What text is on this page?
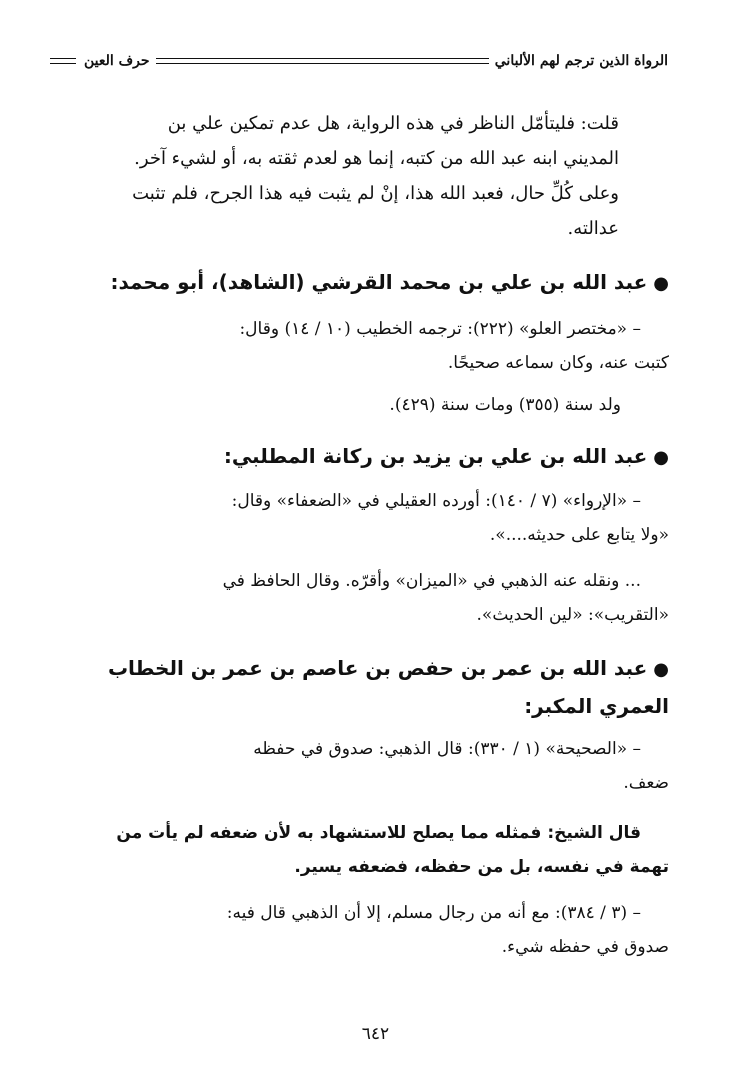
الرواة الذين ترجم لهم الألباني
حرف العين

قلت: فليتأمّل الناظر في هذه الرواية، هل عدم تمكين علي بن

المديني ابنه عبد الله من كتبه، إنما هو لعدم ثقته به، أو لشيء آخر.

وعلى كُلِّ حال، فعبد الله هذا، إنْ لم يثبت فيه هذا الجرح، فلم تثبت

عدالته.

●عبد الله بن علي بن محمد القرشي (الشاهد)، أبو محمد:

– «مختصر العلو» (٢٢٢): ترجمه الخطيب (١٠ / ١٤) وقال:

كتبت عنه، وكان سماعه صحيحًا.

ولد سنة (٣٥٥) ومات سنة (٤٢٩).

●عبد الله بن علي بن يزيد بن ركانة المطلبي:

– «الإرواء» (٧ / ١٤٠): أورده العقيلي في «الضعفاء» وقال:

«ولا يتابع على حديثه....».

... ونقله عنه الذهبي في «الميزان» وأقرّه. وقال الحافظ في

«التقريب»: «لين الحديث».

●عبد الله بن عمر بن حفص بن عاصم بن عمر بن الخطاب
العمري المكبر:

– «الصحيحة» (١ / ٣٣٠): قال الذهبي: صدوق في حفظه

ضعف.

قال الشيخ: فمثله مما يصلح للاستشهاد به لأن ضعفه لم يأت من

تهمة في نفسه، بل من حفظه، فضعفه يسير.

– (٣ / ٣٨٤): مع أنه من رجال مسلم، إلا أن الذهبي قال فيه:

صدوق في حفظه شيء.

٦٤٢
